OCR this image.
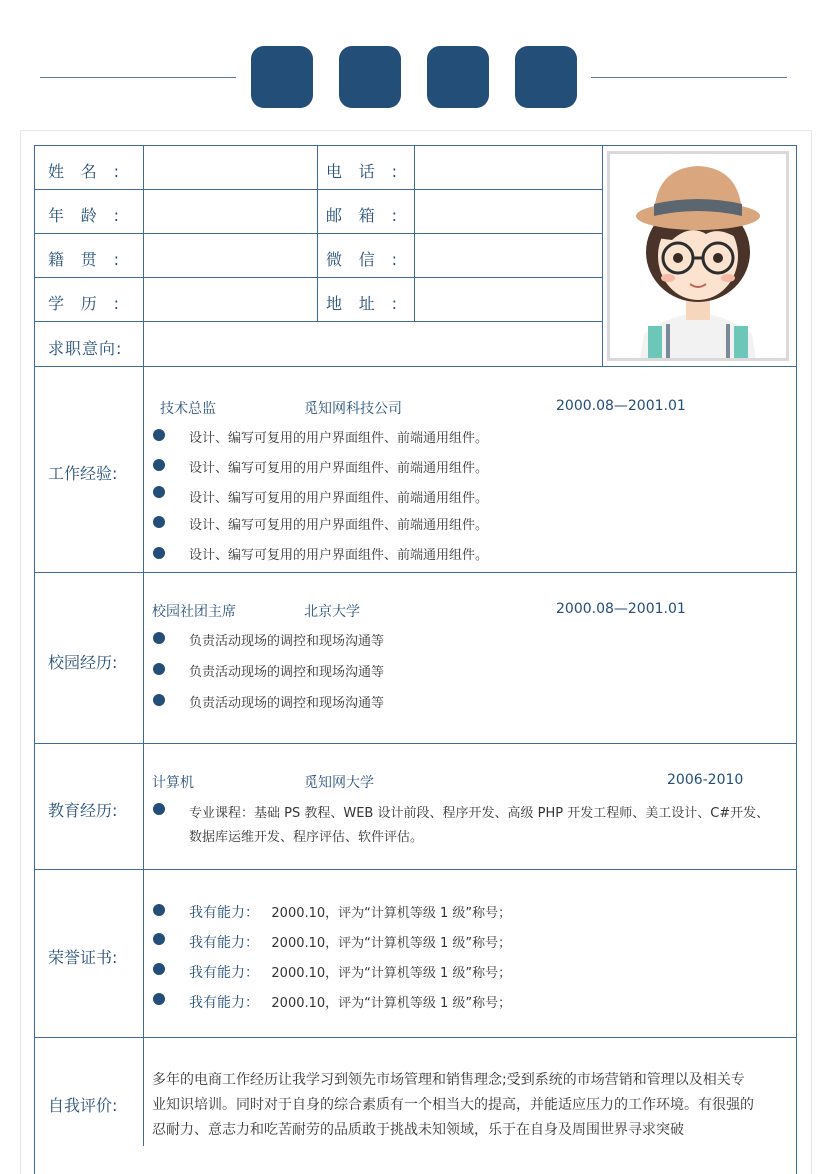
姓名:	电话:
年龄:	邮箱:
籍贯:	微信:
学历:	地址:
求职意向:
工作经验:
技术总监	觅知网科技公司	2000.08—2001.01
设计、编写可复用的用户界面组件、前端通用组件。
设计、编写可复用的用户界面组件、前端通用组件。
设计、编写可复用的用户界面组件、前端通用组件。
设计、编写可复用的用户界面组件、前端通用组件。
设计、编写可复用的用户界面组件、前端通用组件。
校园经历:
校园社团主席	北京大学	2000.08—2001.01
负责活动现场的调控和现场沟通等
负责活动现场的调控和现场沟通等
负责活动现场的调控和现场沟通等
教育经历:
计算机	觅知网大学	2006-2010
专业课程：基础 PS 教程、WEB 设计前段、程序开发、高级 PHP 开发工程师、美工设计、C#开发、
数据库运维开发、程序评估、软件评估。
荣誉证书:
我有能力： 2000.10，评为“计算机等级 1 级”称号；
我有能力： 2000.10，评为“计算机等级 1 级”称号；
我有能力： 2000.10，评为“计算机等级 1 级”称号；
我有能力： 2000.10，评为“计算机等级 1 级”称号；
自我评价:
多年的电商工作经历让我学习到领先市场管理和销售理念;受到系统的市场营销和管理以及相关专
业知识培训。同时对于自身的综合素质有一个相当大的提高，并能适应压力的工作环境。有很强的
忍耐力、意志力和吃苦耐劳的品质敢于挑战未知领域，乐于在自身及周围世界寻求突破
